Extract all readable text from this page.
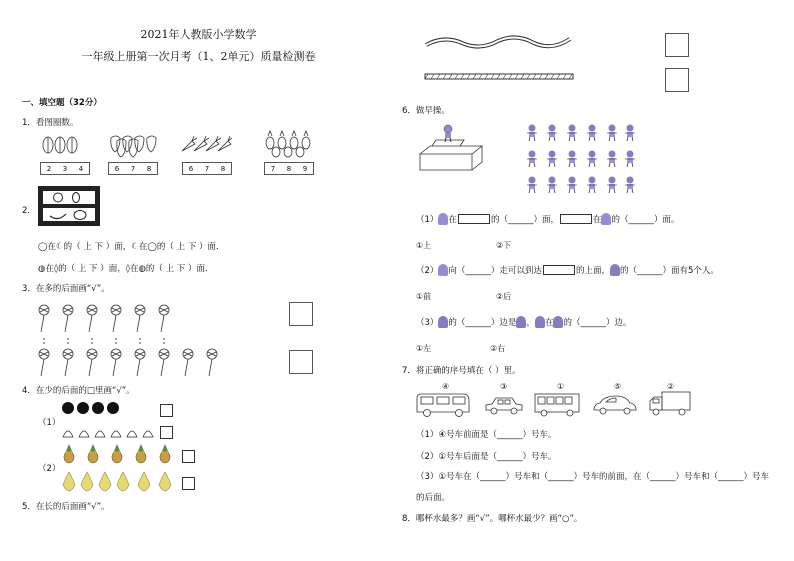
2021年人教版小学数学
一年级上册第一次月考（1、2单元）质量检测卷
一、填空题（32分）
1．看图圈数。
2 3 4	6 7 8	6 7 8	7 8 9
2．
◯在☾的（ 上 下 ）面，☾在◯的（ 上 下 ）面．
◍在◊的（ 上 下 ）面，◊在◍的（ 上 下 ）面．
3．在多的后面画“√”。
4．在少的后面的□里画“√”。
（1）
（2）
5．在长的后面画“√”。
6．做早操。
（1） 在	的（______）面，	在 的（______）面。
①上	②下
（2） 向（______）走可以到达	的上面， 的（______）面有5个人。
①前	②后
（3） 的（______）边是 ， 在 的（______）边。
①左	②右
7．将正确的序号填在（ ）里。
④	③	①	⑤	②
（1）④号车前面是（______）号车。
（2）①号车后面是（______）号车。
（3）①号车在（______）号车和（______）号车的前面，在（______）号车和（______）号车
的后面。
8．哪杯水最多？画“√”。哪杯水最少？画“○”。
